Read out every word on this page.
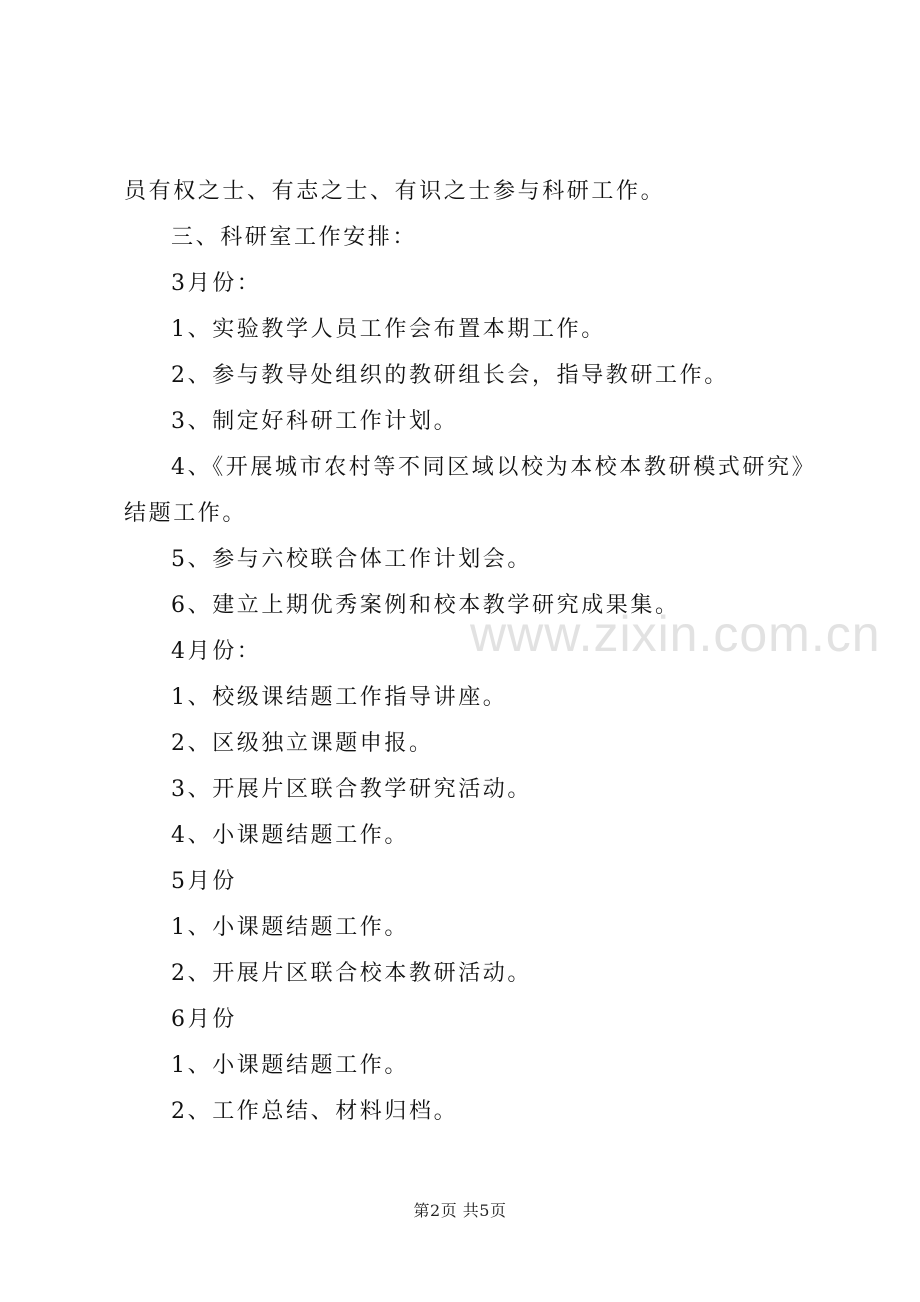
员有权之士、有志之士、有识之士参与科研工作。
三、科研室工作安排：
3月份：
1、实验教学人员工作会布置本期工作。
2、参与教导处组织的教研组长会，指导教研工作。
3、制定好科研工作计划。
4、《开展城市农村等不同区域以校为本校本教研模式研究》
结题工作。
5、参与六校联合体工作计划会。
6、建立上期优秀案例和校本教学研究成果集。
4月份：
1、校级课结题工作指导讲座。
2、区级独立课题申报。
3、开展片区联合教学研究活动。
4、小课题结题工作。
5月份
1、小课题结题工作。
2、开展片区联合校本教研活动。
6月份
1、小课题结题工作。
2、工作总结、材料归档。
www.zixin.com.cn
第2页 共5页
